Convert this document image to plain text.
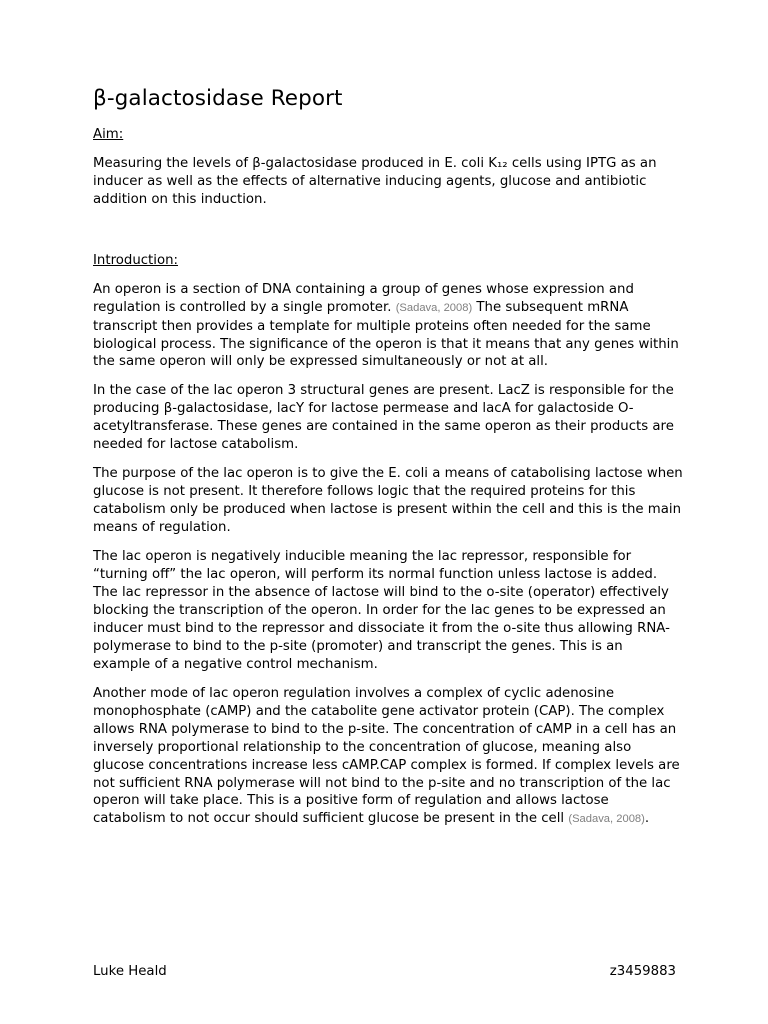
β-galactosidase Report
Aim:
Measuring the levels of β-galactosidase produced in E. coli K₁₂ cells using IPTG as an inducer as well as the effects of alternative inducing agents, glucose and antibiotic addition on this induction.
Introduction:
An operon is a section of DNA containing a group of genes whose expression and regulation is controlled by a single promoter. (Sadava, 2008) The subsequent mRNA transcript then provides a template for multiple proteins often needed for the same biological process. The significance of the operon is that it means that any genes within the same operon will only be expressed simultaneously or not at all.
In the case of the lac operon 3 structural genes are present. LacZ is responsible for the producing β-galactosidase, lacY for lactose permease and lacA for galactoside O-acetyltransferase. These genes are contained in the same operon as their products are needed for lactose catabolism.
The purpose of the lac operon is to give the E. coli a means of catabolising lactose when glucose is not present. It therefore follows logic that the required proteins for this catabolism only be produced when lactose is present within the cell and this is the main means of regulation.
The lac operon is negatively inducible meaning the lac repressor, responsible for “turning off” the lac operon, will perform its normal function unless lactose is added. The lac repressor in the absence of lactose will bind to the o-site (operator) effectively blocking the transcription of the operon. In order for the lac genes to be expressed an inducer must bind to the repressor and dissociate it from the o-site thus allowing RNA-polymerase to bind to the p-site (promoter) and transcript the genes. This is an example of a negative control mechanism.
Another mode of lac operon regulation involves a complex of cyclic adenosine monophosphate (cAMP) and the catabolite gene activator protein (CAP). The complex allows RNA polymerase to bind to the p-site. The concentration of cAMP in a cell has an inversely proportional relationship to the concentration of glucose, meaning also glucose concentrations increase less cAMP.CAP complex is formed. If complex levels are not sufficient RNA polymerase will not bind to the p-site and no transcription of the lac operon will take place. This is a positive form of regulation and allows lactose catabolism to not occur should sufficient glucose be present in the cell (Sadava, 2008).
Luke Heald	z3459883
